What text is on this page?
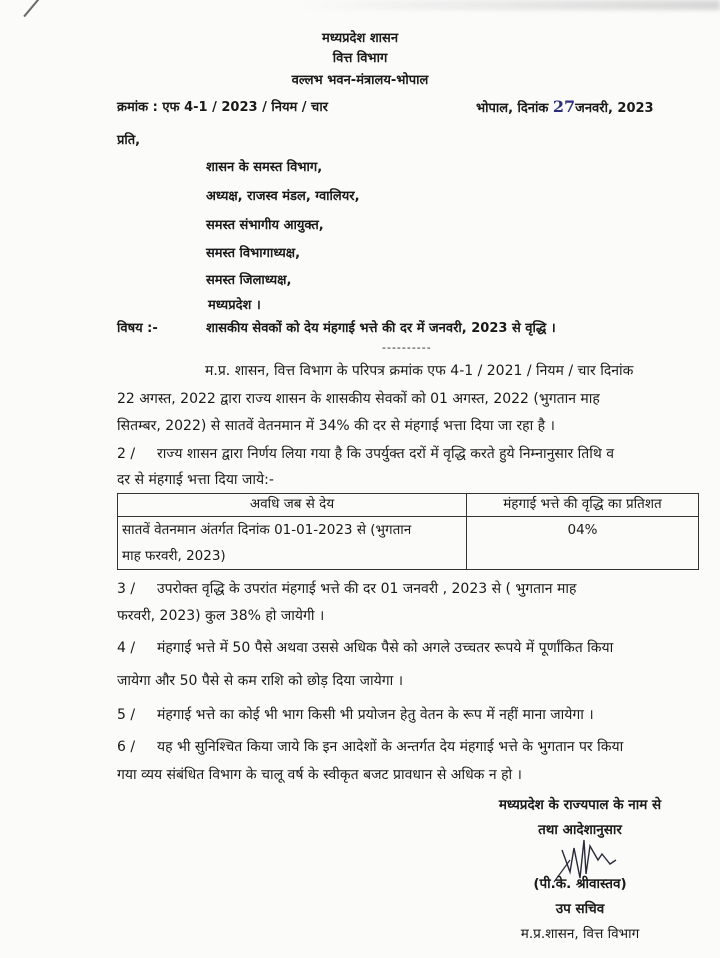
मध्यप्रदेश शासन
वित्त विभाग
वल्लभ भवन-मंत्रालय-भोपाल
क्रमांक : एफ 4-1 / 2023 / नियम / चार	भोपाल, दिनांक 27जनवरी, 2023
प्रति,
शासन के समस्त विभाग,
अध्यक्ष, राजस्व मंडल, ग्वालियर,
समस्त संभागीय आयुक्त,
समस्त विभागाध्यक्ष,
समस्त जिलाध्यक्ष,
मध्यप्रदेश ।
विषय :-	शासकीय सेवकों को देय मंहगाई भत्ते की दर में जनवरी, 2023 से वृद्धि ।
----------
म.प्र. शासन, वित्त विभाग के परिपत्र क्रमांक एफ 4-1 / 2021 / नियम / चार दिनांक
22 अगस्त, 2022 द्वारा राज्य शासन के शासकीय सेवकों को 01 अगस्त, 2022 (भुगतान माह
सितम्बर, 2022) से सातवें वेतनमान में 34% की दर से मंहगाई भत्ता दिया जा रहा है ।
2 / राज्य शासन द्वारा निर्णय लिया गया है कि उपर्युक्त दरों में वृद्धि करते हुये निम्नानुसार तिथि व
दर से मंहगाई भत्ता दिया जाये:-
अवधि जब से देय	मंहगाई भत्ते की वृद्धि का प्रतिशत

सातवें वेतनमान अंतर्गत दिनांक 01-01-2023 से (भुगतान
माह फरवरी, 2023)	04%
3 / उपरोक्त वृद्धि के उपरांत मंहगाई भत्ते की दर 01 जनवरी , 2023 से ( भुगतान माह
फरवरी, 2023) कुल 38% हो जायेगी ।
4 / मंहगाई भत्ते में 50 पैसे अथवा उससे अधिक पैसे को अगले उच्चतर रूपये में पूर्णांकित किया
जायेगा और 50 पैसे से कम राशि को छोड़ दिया जायेगा ।
5 / मंहगाई भत्ते का कोई भी भाग किसी भी प्रयोजन हेतु वेतन के रूप में नहीं माना जायेगा ।
6 / यह भी सुनिश्चित किया जाये कि इन आदेशों के अन्तर्गत देय मंहगाई भत्ते के भुगतान पर किया
गया व्यय संबंधित विभाग के चालू वर्ष के स्वीकृत बजट प्रावधान से अधिक न हो ।
मध्यप्रदेश के राज्यपाल के नाम से
तथा आदेशानुसार
(पी.के. श्रीवास्तव)
उप सचिव
म.प्र.शासन, वित्त विभाग
